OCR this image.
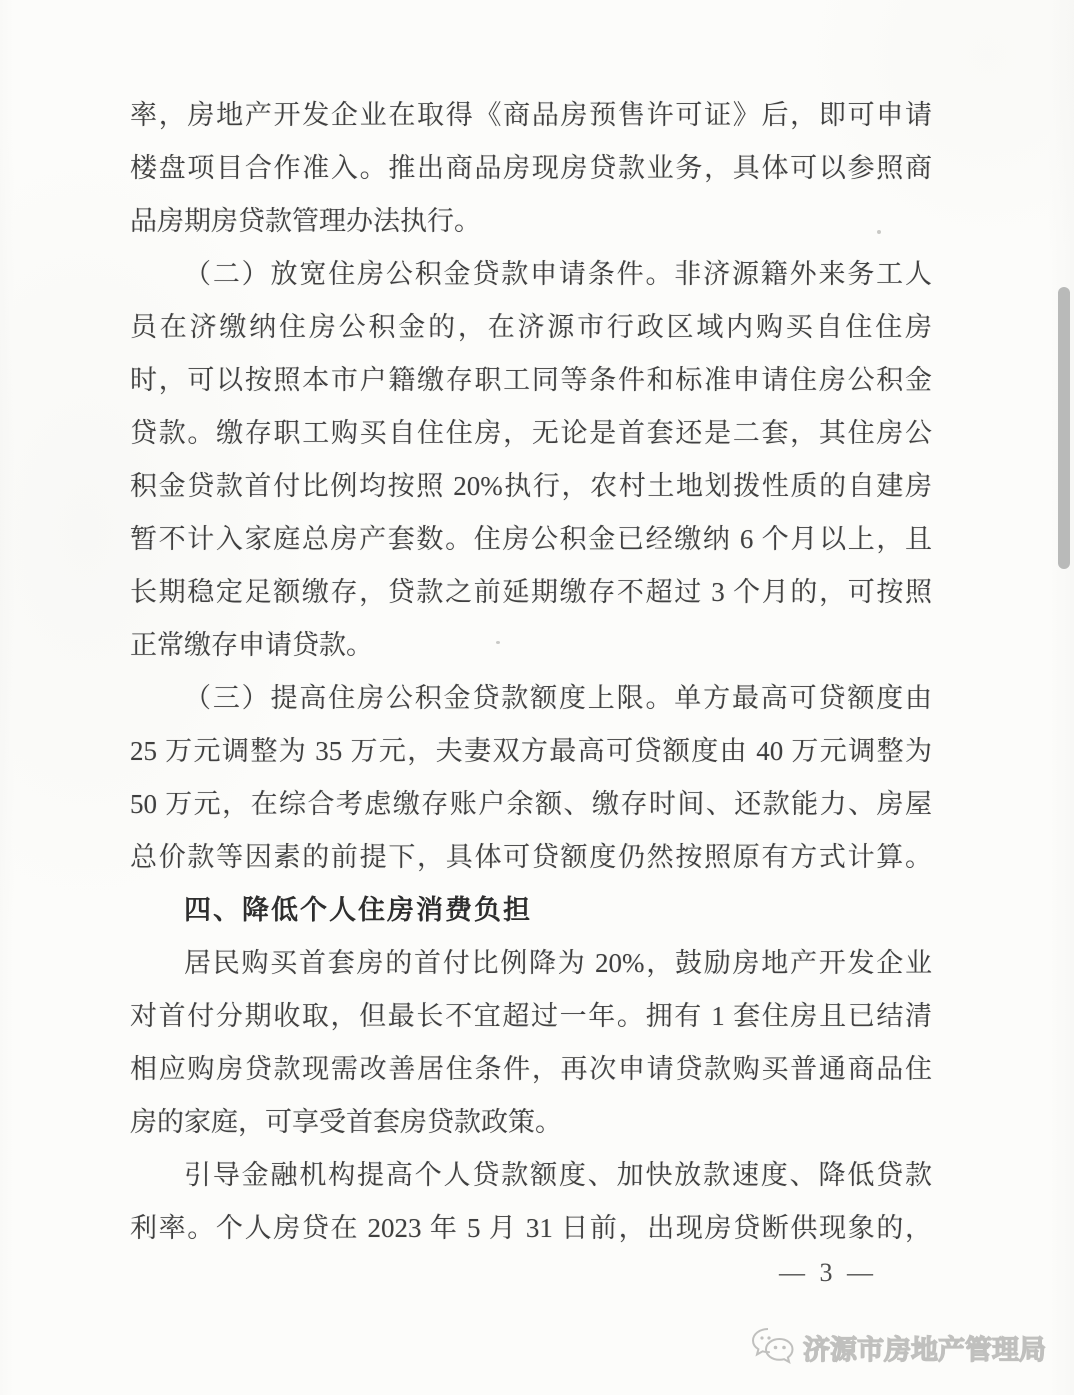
率，房地产开发企业在取得《商品房预售许可证》后，即可申请
楼盘项目合作准入。推出商品房现房贷款业务，具体可以参照商
品房期房贷款管理办法执行。
（二）放宽住房公积金贷款申请条件。非济源籍外来务工人
员在济缴纳住房公积金的，在济源市行政区域内购买自住住房
时，可以按照本市户籍缴存职工同等条件和标准申请住房公积金
贷款。缴存职工购买自住住房，无论是首套还是二套，其住房公
积金贷款首付比例均按照 20%执行，农村土地划拨性质的自建房
暂不计入家庭总房产套数。住房公积金已经缴纳 6 个月以上，且
长期稳定足额缴存，贷款之前延期缴存不超过 3 个月的，可按照
正常缴存申请贷款。
（三）提高住房公积金贷款额度上限。单方最高可贷额度由
25 万元调整为 35 万元，夫妻双方最高可贷额度由 40 万元调整为
50 万元，在综合考虑缴存账户余额、缴存时间、还款能力、房屋
总价款等因素的前提下，具体可贷额度仍然按照原有方式计算。
四、降低个人住房消费负担
居民购买首套房的首付比例降为 20%，鼓励房地产开发企业
对首付分期收取，但最长不宜超过一年。拥有 1 套住房且已结清
相应购房贷款现需改善居住条件，再次申请贷款购买普通商品住
房的家庭，可享受首套房贷款政策。
引导金融机构提高个人贷款额度、加快放款速度、降低贷款
利率。个人房贷在 2023 年 5 月 31 日前，出现房贷断供现象的，
— 3 —
济源市房地产管理局
